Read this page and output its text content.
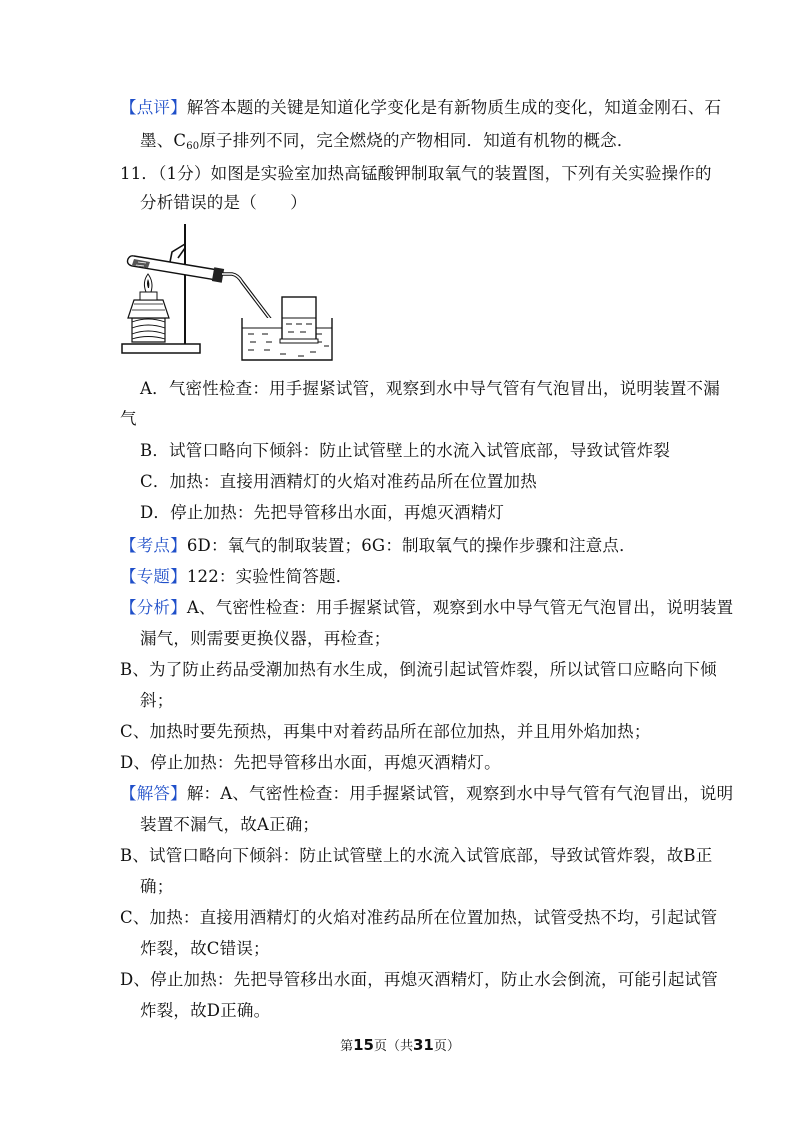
【点评】解答本题的关键是知道化学变化是有新物质生成的变化，知道金刚石、石
墨、C60原子排列不同，完全燃烧的产物相同．知道有机物的概念．
11．（1分）如图是实验室加热高锰酸钾制取氧气的装置图，下列有关实验操作的
分析错误的是（　　）
A．气密性检查：用手握紧试管，观察到水中导气管有气泡冒出，说明装置不漏
气
B．试管口略向下倾斜：防止试管壁上的水流入试管底部，导致试管炸裂
C．加热：直接用酒精灯的火焰对准药品所在位置加热
D．停止加热：先把导管移出水面，再熄灭酒精灯
【考点】6D：氧气的制取装置；6G：制取氧气的操作步骤和注意点．
【专题】122：实验性简答题．
【分析】A、气密性检查：用手握紧试管，观察到水中导气管无气泡冒出，说明装置
漏气，则需要更换仪器，再检查；
B、为了防止药品受潮加热有水生成，倒流引起试管炸裂，所以试管口应略向下倾
斜；
C、加热时要先预热，再集中对着药品所在部位加热，并且用外焰加热；
D、停止加热：先把导管移出水面，再熄灭酒精灯。
【解答】解：A、气密性检查：用手握紧试管，观察到水中导气管有气泡冒出，说明
装置不漏气，故A正确；
B、试管口略向下倾斜：防止试管壁上的水流入试管底部，导致试管炸裂，故B正
确；
C、加热：直接用酒精灯的火焰对准药品所在位置加热，试管受热不均，引起试管
炸裂，故C错误；
D、停止加热：先把导管移出水面，再熄灭酒精灯，防止水会倒流，可能引起试管
炸裂，故D正确。
第15页（共31页）
